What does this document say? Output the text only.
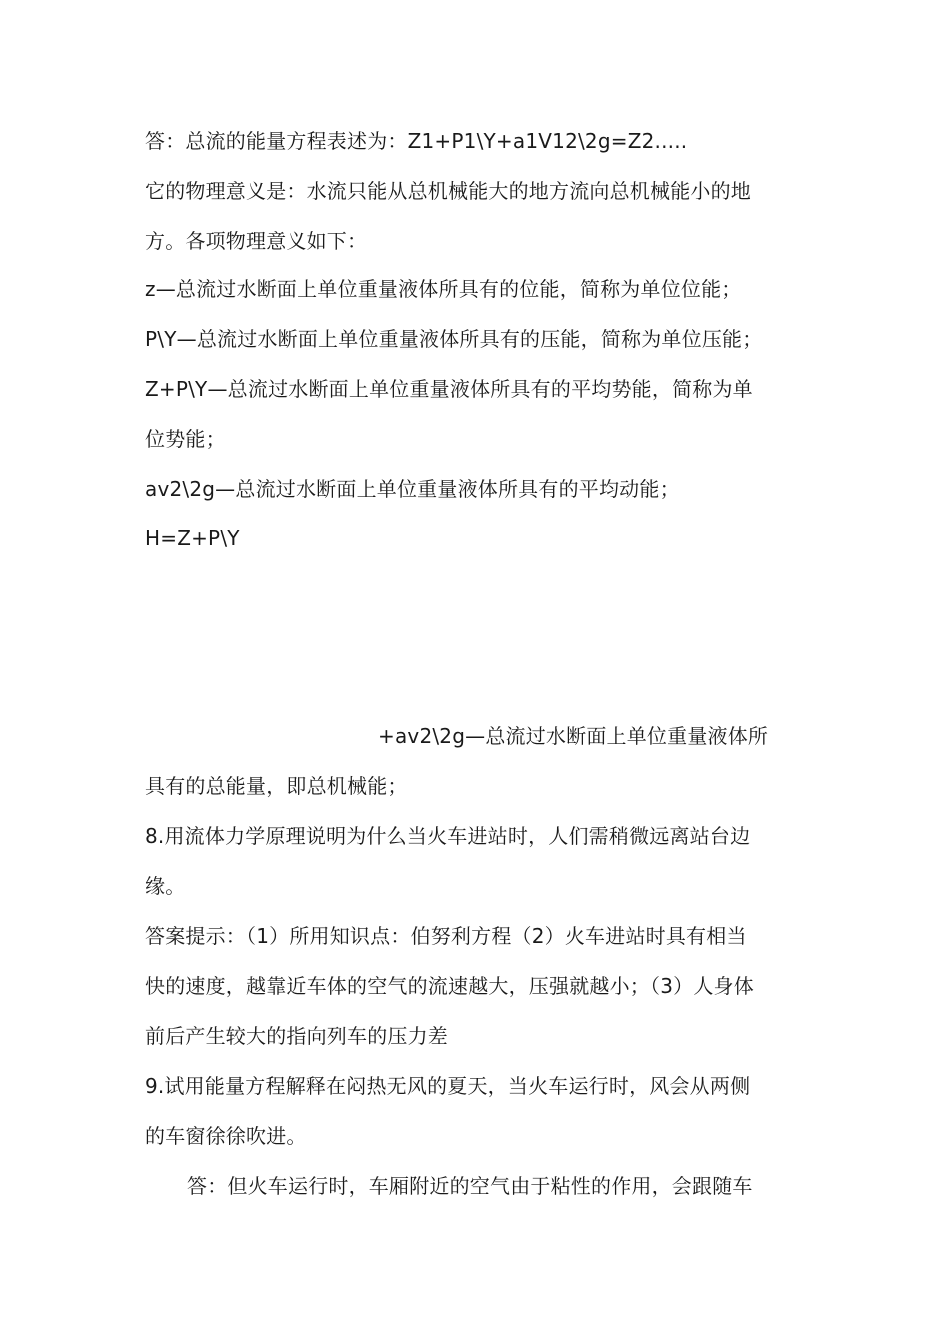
答：总流的能量方程表述为：Z1+P1\Y+a1V12\2g=Z2.....
它的物理意义是：水流只能从总机械能大的地方流向总机械能小的地
方。各项物理意义如下：
z—总流过水断面上单位重量液体所具有的位能，简称为单位位能；
P\Y—总流过水断面上单位重量液体所具有的压能，简称为单位压能；
Z+P\Y—总流过水断面上单位重量液体所具有的平均势能，简称为单
位势能；
av2\2g—总流过水断面上单位重量液体所具有的平均动能；
H=Z+P\Y
+av2\2g—总流过水断面上单位重量液体所
具有的总能量，即总机械能；
8.用流体力学原理说明为什么当火车进站时，人们需稍微远离站台边
缘。
答案提示：（1）所用知识点：伯努利方程（2）火车进站时具有相当
快的速度，越靠近车体的空气的流速越大，压强就越小；（3）人身体
前后产生较大的指向列车的压力差
9.试用能量方程解释在闷热无风的夏天，当火车运行时，风会从两侧
的车窗徐徐吹进。
答：但火车运行时，车厢附近的空气由于粘性的作用，会跟随车
